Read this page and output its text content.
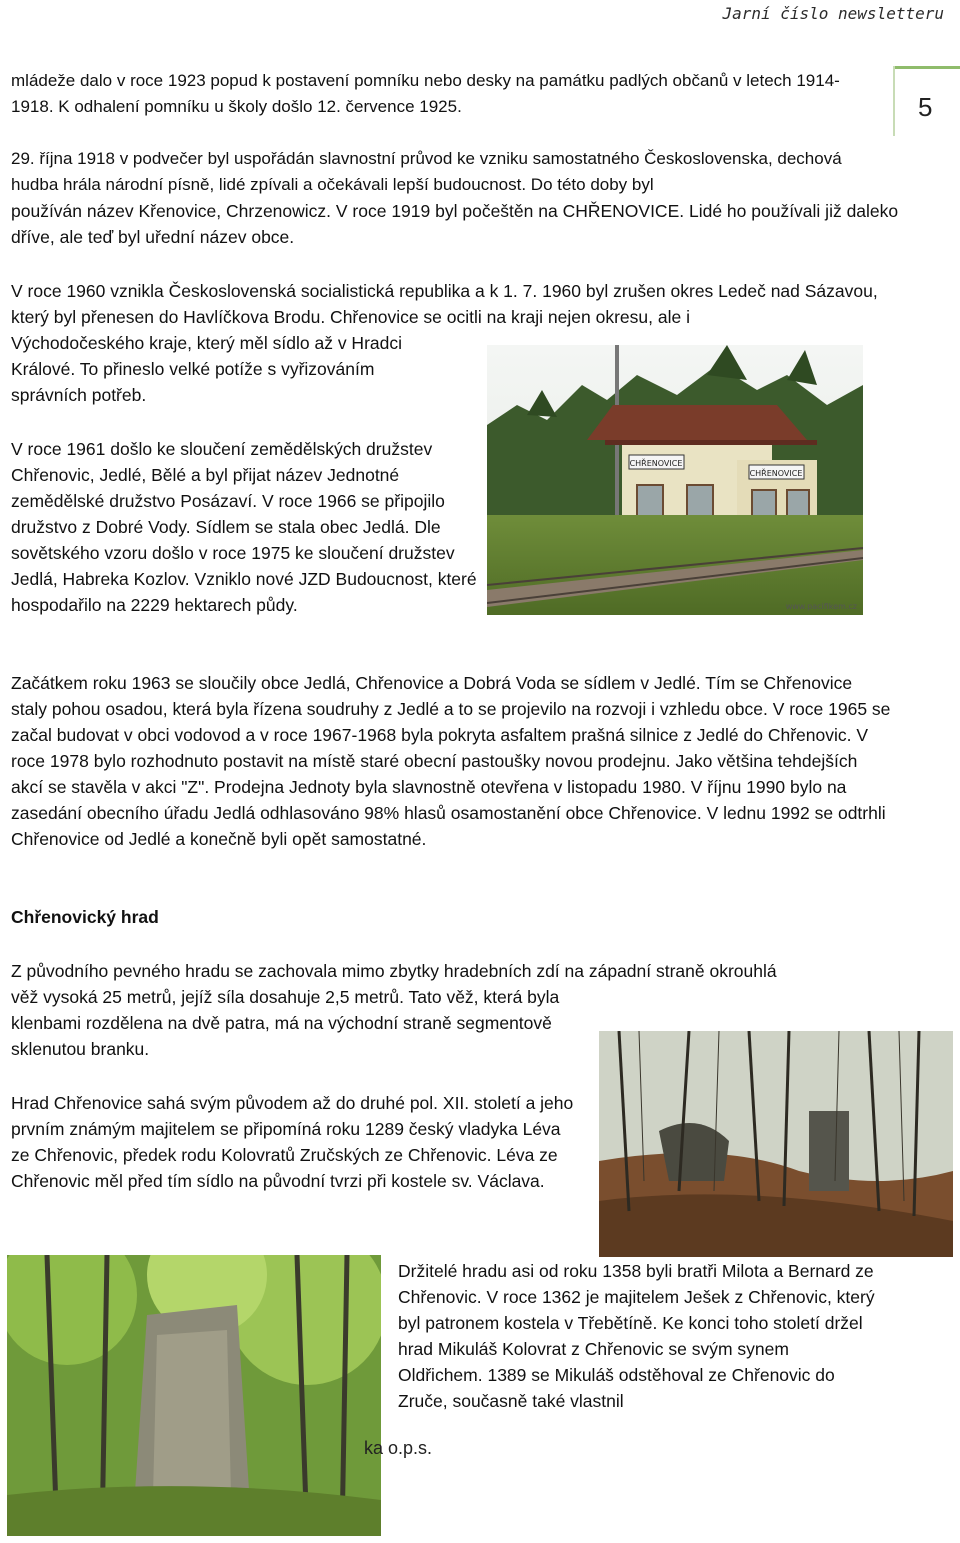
Jarní číslo newsletteru
5

mládeže dalo v roce 1923 popud k postavení pomníku nebo desky na památku padlých občanů v letech 1914-1918. K odhalení pomníku u školy došlo 12. července 1925.

29. října 1918 v podvečer byl uspořádán slavnostní průvod ke vzniku samostatného Československa, dechová hudba hrála národní písně, lidé zpívali a očekávali lepší budoucnost. Do této doby byl

používán název Křenovice, Chrzenowicz. V roce 1919 byl počeštěn na CHŘENOVICE. Lidé ho používali již daleko dříve, ale teď byl uřední název obce.

V roce 1960 vznikla Československá socialistická republika a k 1. 7. 1960 byl zrušen okres Ledeč nad Sázavou, který byl přenesen do Havlíčkova Brodu. Chřenovice se ocitli na kraji nejen okresu, ale i

Východočeského kraje, který měl sídlo až v Hradci Králové. To přineslo velké potíže s vyřizováním správních potřeb.

CHŘENOVICE
CHŘENOVICE
www.pacifikem.cz

V roce 1961 došlo ke sloučení zemědělských družstev Chřenovic, Jedlé, Bělé a byl přijat název Jednotné zemědělské družstvo Posázaví. V roce 1966 se připojilo družstvo z Dobré Vody. Sídlem se stala obec Jedlá. Dle sovětského vzoru došlo v roce 1975 ke sloučení družstev Jedlá, Habreka Kozlov. Vzniklo nové JZD Budoucnost, které hospodařilo na 2229 hektarech půdy.

Začátkem roku 1963 se sloučily obce Jedlá, Chřenovice a Dobrá Voda se sídlem v Jedlé. Tím se Chřenovice staly pohou osadou, která byla řízena soudruhy z Jedlé a to se projevilo na rozvoji i vzhledu obce. V roce 1965 se začal budovat v obci vodovod a v roce 1967-1968 byla pokryta asfaltem prašná silnice z Jedlé do Chřenovic. V roce 1978 bylo rozhodnuto postavit na místě staré obecní pastoušky novou prodejnu. Jako většina tehdejších akcí se stavěla v akci "Z". Prodejna Jednoty byla slavnostně otevřena v listopadu 1980. V říjnu 1990 bylo na zasedání obecního úřadu Jedlá odhlasováno 98% hlasů osamostanění obce Chřenovice. V lednu 1992 se odtrhli Chřenovice od Jedlé a konečně byli opět samostatné.

Chřenovický hrad

Z původního pevného hradu se zachovala mimo zbytky hradebních zdí na západní straně okrouhlá

věž vysoká 25 metrů, jejíž síla dosahuje 2,5 metrů. Tato věž, která byla klenbami rozdělena na dvě patra, má na východní straně segmentově sklenutou branku.

Hrad Chřenovice sahá svým původem až do druhé pol. XII. století a jeho prvním známým majitelem se připomíná roku 1289 český vladyka Léva ze Chřenovic, předek rodu Kolovratů Zručských ze Chřenovic. Léva ze Chřenovic měl před tím sídlo na původní tvrzi při kostele sv. Václava.

Držitelé hradu asi od roku 1358 byli bratři Milota a Bernard ze Chřenovic. V roce 1362 je majitelem Ješek z Chřenovic, který byl patronem kostela v Třebětíně. Ke konci toho století držel hrad Mikuláš Kolovrat z Chřenovic se svým synem Oldřichem. 1389 se Mikuláš odstěhoval ze Chřenovic do Zruče, současně také vlastnil

ka o.p.s.
